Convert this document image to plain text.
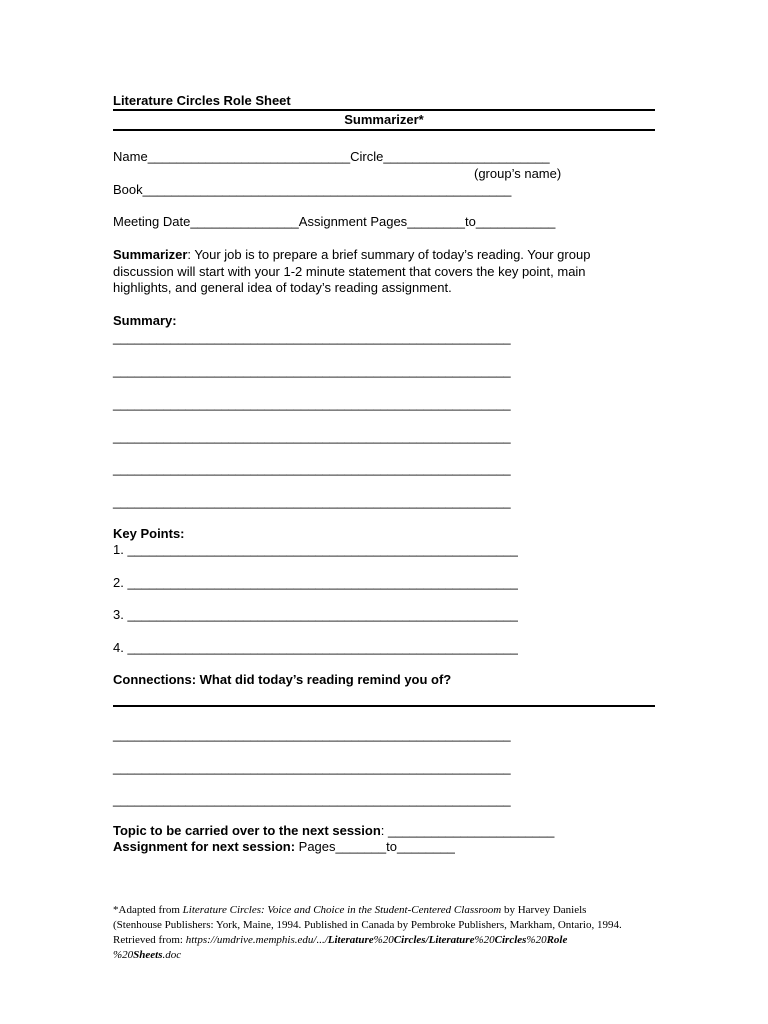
Literature Circles Role Sheet
Summarizer*
Name____________________________Circle_______________________
(group’s name)
Book___________________________________________________
Meeting Date_______________Assignment Pages________to___________
Summarizer: Your job is to prepare a brief summary of today’s reading. Your group discussion will start with your 1-2 minute statement that covers the key point, main highlights, and general idea of today’s reading assignment.
Summary:
_______________________________________________________
_______________________________________________________
_______________________________________________________
_______________________________________________________
_______________________________________________________
_______________________________________________________
Key Points:
1. ______________________________________________________
2. ______________________________________________________
3. ______________________________________________________
4. ______________________________________________________
Connections: What did today’s reading remind you of?
_______________________________________________________
_______________________________________________________
_______________________________________________________
Topic to be carried over to the next session: _______________________
Assignment for next session: Pages_______to________
*Adapted from Literature Circles: Voice and Choice in the Student-Centered Classroom by Harvey Daniels
(Stenhouse Publishers: York, Maine, 1994. Published in Canada by Pembroke Publishers, Markham, Ontario, 1994.
Retrieved from: https://umdrive.memphis.edu/.../Literature%20Circles/Literature%20Circles%20Role
%20Sheets.doc
